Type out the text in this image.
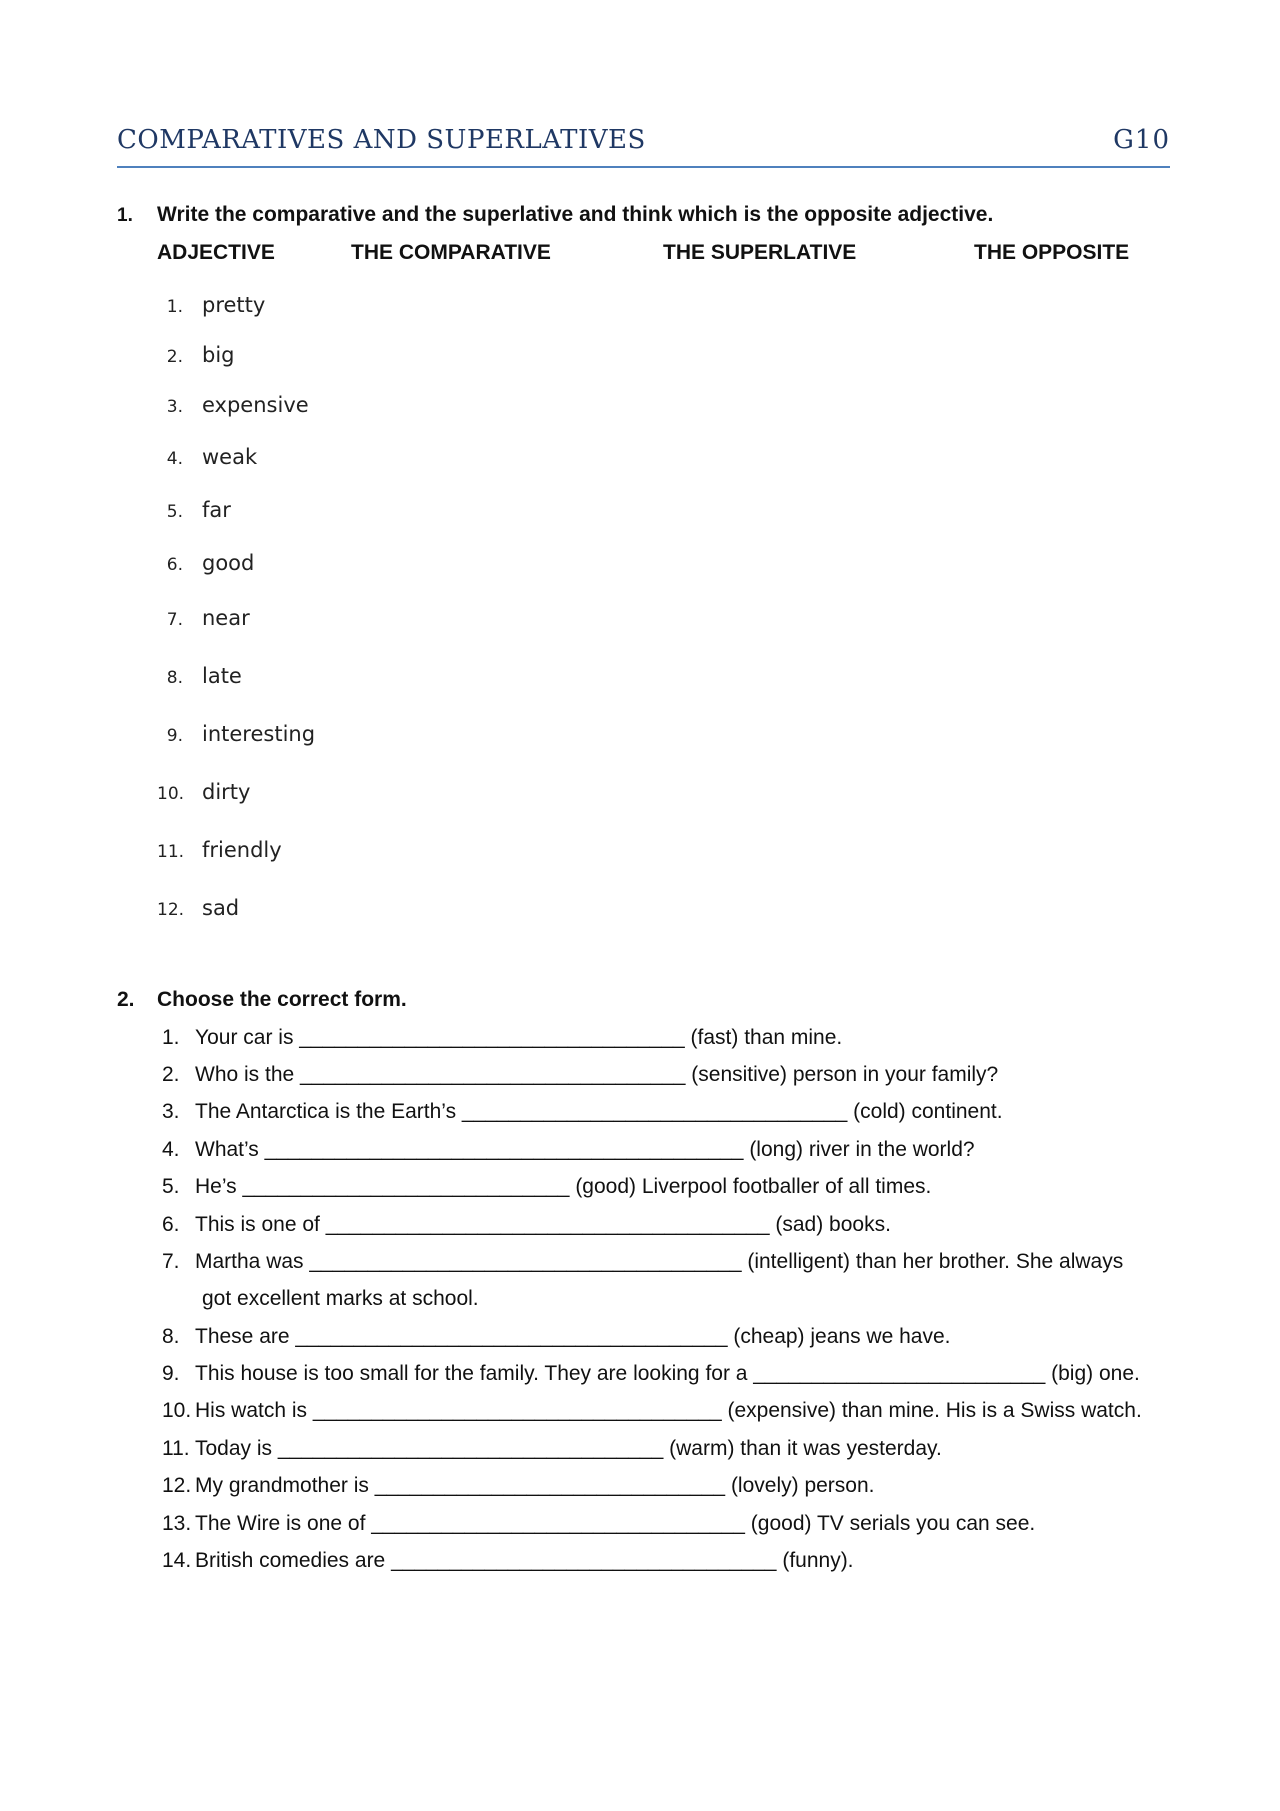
COMPARATIVES AND SUPERLATIVES	G10
1. Write the comparative and the superlative and think which is the opposite adjective.
ADJECTIVE	THE COMPARATIVE	THE SUPERLATIVE	THE OPPOSITE
1. pretty
2. big
3. expensive
4. weak
5. far
6. good
7. near
8. late
9. interesting
10. dirty
11. friendly
12. sad
2. Choose the correct form.
1. Your car is _________________________________ (fast) than mine.
2. Who is the _________________________________ (sensitive) person in your family?
3. The Antarctica is the Earth’s _________________________________ (cold) continent.
4. What’s _________________________________________ (long) river in the world?
5. He’s ____________________________ (good) Liverpool footballer of all times.
6. This is one of ______________________________________ (sad) books.
7. Martha was _____________________________________ (intelligent) than her brother. She always
got excellent marks at school.
8. These are _____________________________________ (cheap) jeans we have.
9. This house is too small for the family. They are looking for a _________________________ (big) one.
10. His watch is ___________________________________ (expensive) than mine. His is a Swiss watch.
11. Today is _________________________________ (warm) than it was yesterday.
12. My grandmother is ______________________________ (lovely) person.
13. The Wire is one of ________________________________ (good) TV serials you can see.
14. British comedies are _________________________________ (funny).
